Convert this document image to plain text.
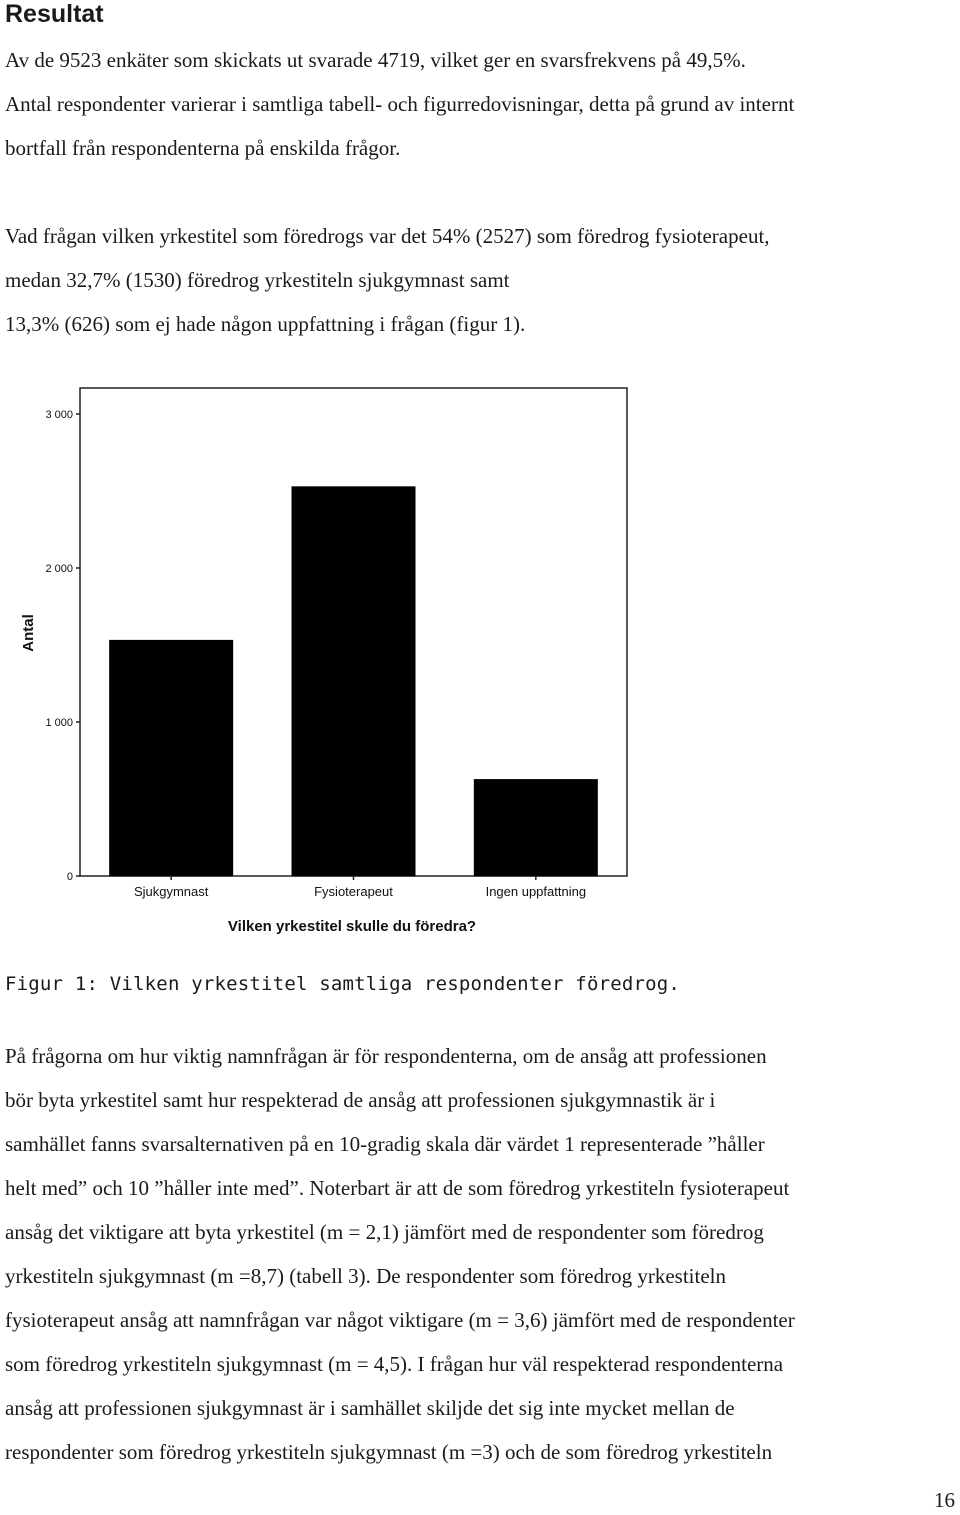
Resultat
Av de 9523 enkäter som skickats ut svarade 4719, vilket ger en svarsfrekvens på 49,5%.
Antal respondenter varierar i samtliga tabell- och figurredovisningar, detta på grund av internt
bortfall från respondenterna på enskilda frågor.
Vad frågan vilken yrkestitel som föredrogs var det 54% (2527) som föredrog fysioterapeut,
medan 32,7% (1530) föredrog yrkestiteln sjukgymnast samt
13,3% (626) som ej hade någon uppfattning i frågan (figur 1).
Antal
Vilken yrkestitel skulle du föredra?
0
1 000
2 000
3 000
Sjukgymnast	Fysioterapeut	Ingen uppfattning

Figur 1: Vilken yrkestitel samtliga respondenter föredrog.

På frågorna om hur viktig namnfrågan är för respondenterna, om de ansåg att professionen
bör byta yrkestitel samt hur respekterad de ansåg att professionen sjukgymnastik är i
samhället fanns svarsalternativen på en 10-gradig skala där värdet 1 representerade ”håller
helt med” och 10 ”håller inte med”. Noterbart är att de som föredrog yrkestiteln fysioterapeut
ansåg det viktigare att byta yrkestitel (m = 2,1) jämfört med de respondenter som föredrog
yrkestiteln sjukgymnast (m =8,7) (tabell 3). De respondenter som föredrog yrkestiteln
fysioterapeut ansåg att namnfrågan var något viktigare (m = 3,6) jämfört med de respondenter
som föredrog yrkestiteln sjukgymnast (m = 4,5). I frågan hur väl respekterad respondenterna
ansåg att professionen sjukgymnast är i samhället skiljde det sig inte mycket mellan de
respondenter som föredrog yrkestiteln sjukgymnast (m =3) och de som föredrog yrkestiteln
16
